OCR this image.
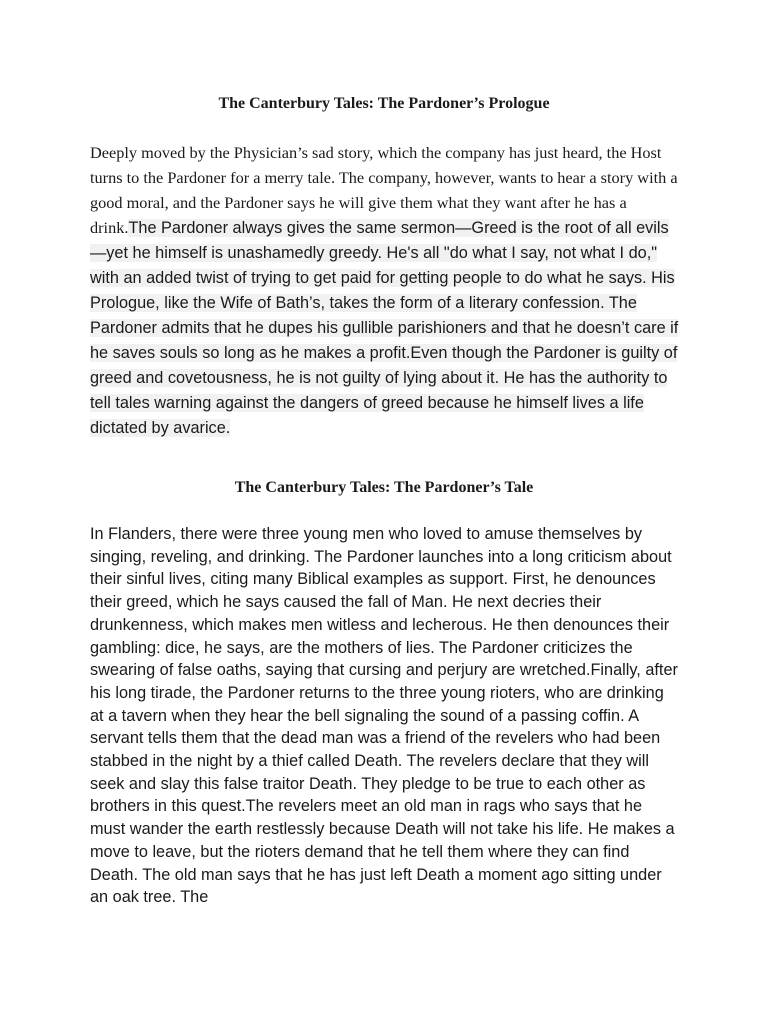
The Canterbury Tales: The Pardoner’s Prologue

Deeply moved by the Physician’s sad story, which the company has just heard, the Host turns to the Pardoner for a merry tale. The company, however, wants to hear a story with a good moral, and the Pardoner says he will give them what they want after he has a drink.The Pardoner always gives the same sermon—Greed is the root of all evils—yet he himself is unashamedly greedy. He's all "do what I say, not what I do," with an added twist of trying to get paid for getting people to do what he says. His Prologue, like the Wife of Bath’s, takes the form of a literary confession. The Pardoner admits that he dupes his gullible parishioners and that he doesn’t care if he saves souls so long as he makes a profit.Even though the Pardoner is guilty of greed and covetousness, he is not guilty of lying about it. He has the authority to tell tales warning against the dangers of greed because he himself lives a life dictated by avarice.

The Canterbury Tales: The Pardoner’s Tale

In Flanders, there were three young men who loved to amuse themselves by singing, reveling, and drinking. The Pardoner launches into a long criticism about their sinful lives, citing many Biblical examples as support. First, he denounces their greed, which he says caused the fall of Man. He next decries their drunkenness, which makes men witless and lecherous. He then denounces their gambling: dice, he says, are the mothers of lies. The Pardoner criticizes the swearing of false oaths, saying that cursing and perjury are wretched.Finally, after his long tirade, the Pardoner returns to the three young rioters, who are drinking at a tavern when they hear the bell signaling the sound of a passing coffin. A servant tells them that the dead man was a friend of the revelers who had been stabbed in the night by a thief called Death. The revelers declare that they will seek and slay this false traitor Death. They pledge to be true to each other as brothers in this quest.The revelers meet an old man in rags who says that he must wander the earth restlessly because Death will not take his life. He makes a move to leave, but the rioters demand that he tell them where they can find Death. The old man says that he has just left Death a moment ago sitting under an oak tree. The
